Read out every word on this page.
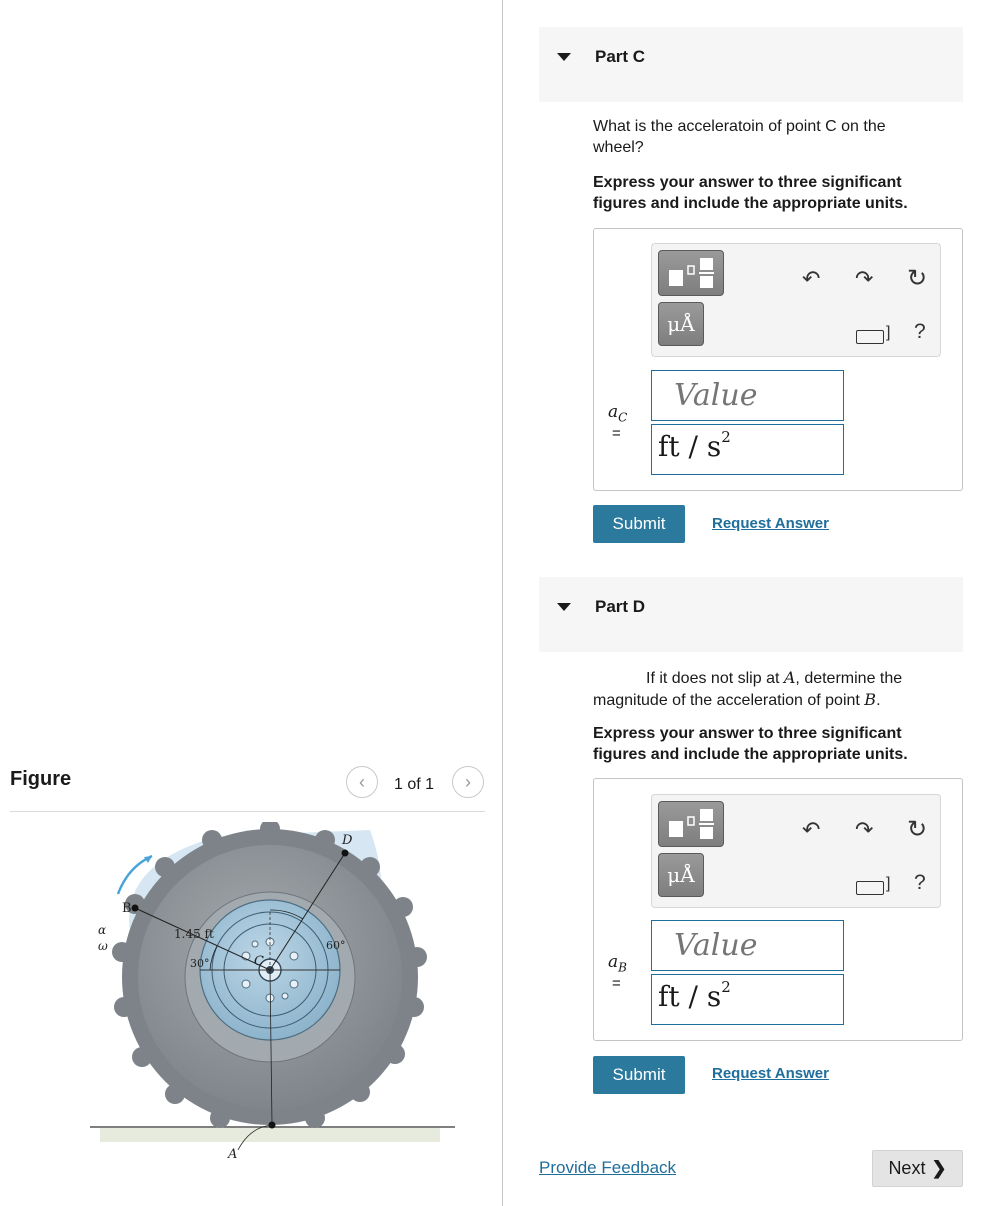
Figure	‹ 1 of 1 ›
α
ω
B
C
D
A
1.45 ft
30°
60°
Part C
What is the acceleratoin of point C on the wheel?
Express your answer to three significant figures and include the appropriate units.
μÅ
↶ ↷ ↻
] ?
$a_C$
=
Value ft / $s^2$
Submit	Request Answer
Part D
If it does not slip at A, determine the magnitude of the acceleration of point B.
Express your answer to three significant figures and include the appropriate units.
μÅ
↶ ↷ ↻
] ?
$a_B$
=
Value ft / $s^2$
Submit	Request Answer
Provide Feedback	Next ❯
